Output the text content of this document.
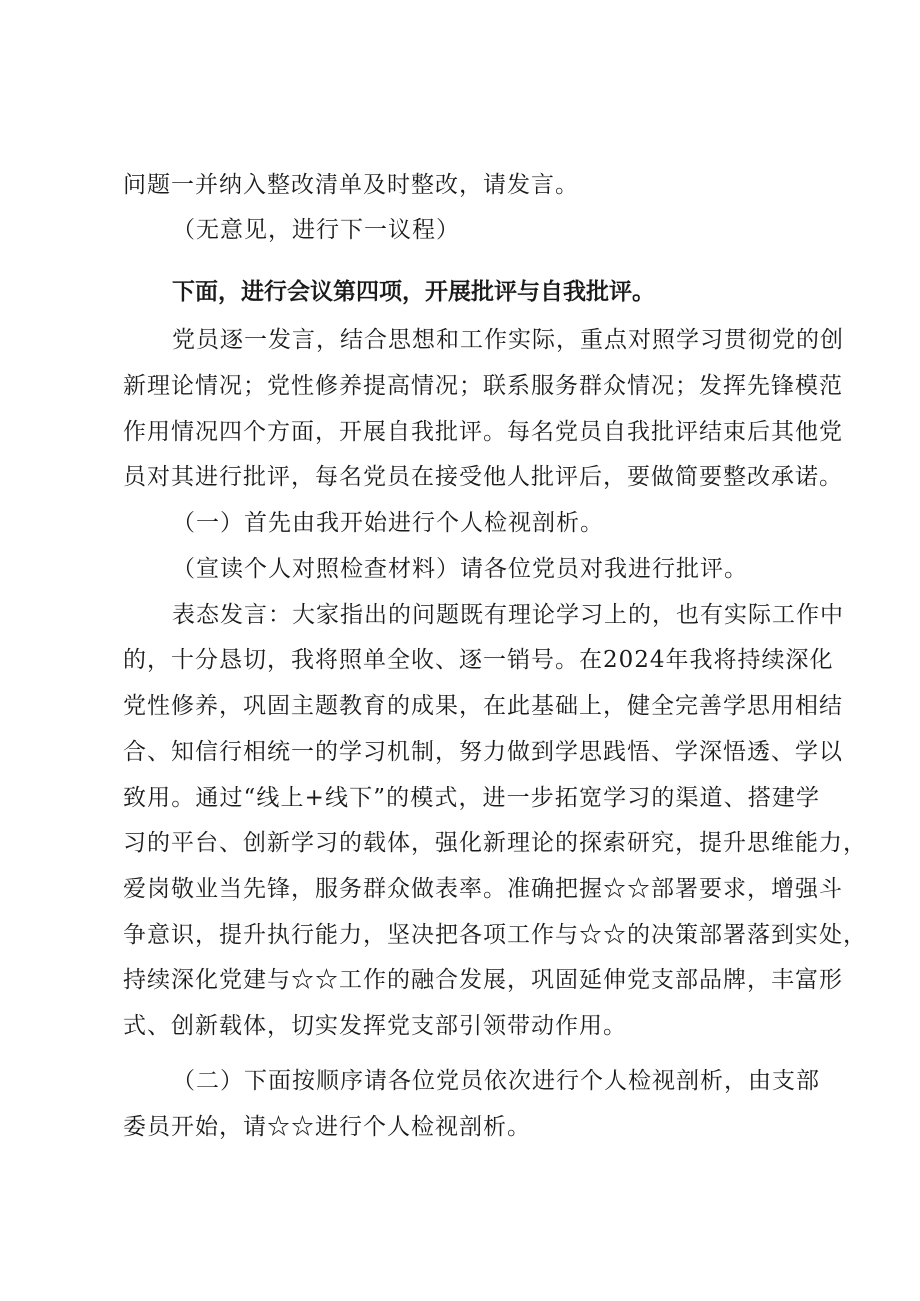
问题一并纳入整改清单及时整改，请发言。
（无意见，进行下一议程）
下面，进行会议第四项，开展批评与自我批评。
党员逐一发言，结合思想和工作实际，重点对照学习贯彻党的创
新理论情况；党性修养提高情况；联系服务群众情况；发挥先锋模范
作用情况四个方面，开展自我批评。每名党员自我批评结束后其他党
员对其进行批评，每名党员在接受他人批评后，要做简要整改承诺。
（一）首先由我开始进行个人检视剖析。
（宣读个人对照检查材料）请各位党员对我进行批评。
表态发言：大家指出的问题既有理论学习上的，也有实际工作中
的，十分恳切，我将照单全收、逐一销号。在2024年我将持续深化
党性修养，巩固主题教育的成果，在此基础上，健全完善学思用相结
合、知信行相统一的学习机制，努力做到学思践悟、学深悟透、学以
致用。通过“线上+线下”的模式，进一步拓宽学习的渠道、搭建学
习的平台、创新学习的载体，强化新理论的探索研究，提升思维能力，
爱岗敬业当先锋，服务群众做表率。准确把握☆☆部署要求，增强斗
争意识，提升执行能力，坚决把各项工作与☆☆的决策部署落到实处，
持续深化党建与☆☆工作的融合发展，巩固延伸党支部品牌，丰富形
式、创新载体，切实发挥党支部引领带动作用。
（二）下面按顺序请各位党员依次进行个人检视剖析，由支部
委员开始，请☆☆进行个人检视剖析。
